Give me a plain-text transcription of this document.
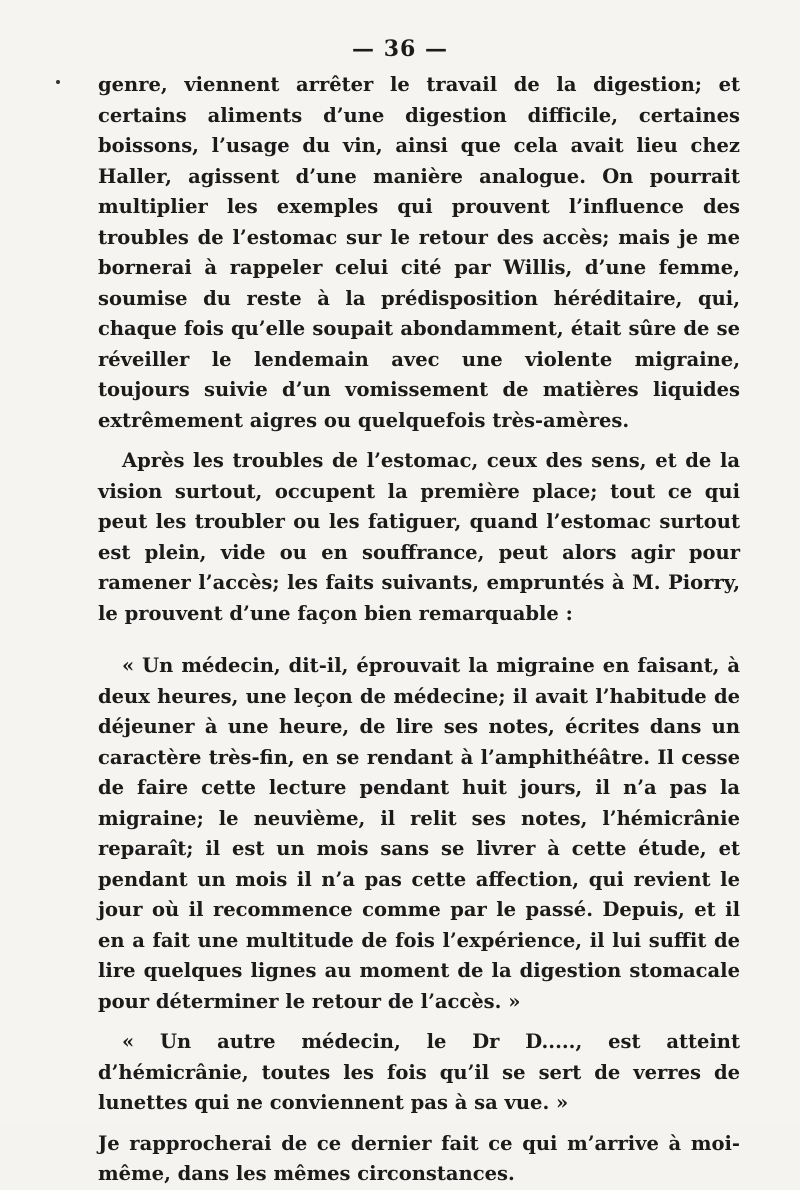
— 36 —

genre, viennent arrêter le travail de la digestion; et certains aliments d’une digestion difficile, certaines boissons, l’usage du vin, ainsi que cela avait lieu chez Haller, agissent d’une manière analogue. On pourrait multiplier les exemples qui prouvent l’influence des troubles de l’estomac sur le retour des accès; mais je me bornerai à rappeler celui cité par Willis, d’une femme, soumise du reste à la prédisposition héréditaire, qui, chaque fois qu’elle soupait abondamment, était sûre de se réveiller le lendemain avec une violente migraine, toujours suivie d’un vomissement de matières liquides extrêmement aigres ou quelquefois très-amères.

Après les troubles de l’estomac, ceux des sens, et de la vision surtout, occupent la première place; tout ce qui peut les troubler ou les fatiguer, quand l’estomac surtout est plein, vide ou en souffrance, peut alors agir pour ramener l’accès; les faits suivants, empruntés à M. Piorry, le prouvent d’une façon bien remarquable :

« Un médecin, dit-il, éprouvait la migraine en faisant, à deux heures, une leçon de médecine; il avait l’habitude de déjeuner à une heure, de lire ses notes, écrites dans un caractère très-fin, en se rendant à l’amphithéâtre. Il cesse de faire cette lecture pendant huit jours, il n’a pas la migraine; le neuvième, il relit ses notes, l’hémicrânie reparaît; il est un mois sans se livrer à cette étude, et pendant un mois il n’a pas cette affection, qui revient le jour où il recommence comme par le passé. Depuis, et il en a fait une multitude de fois l’expérience, il lui suffit de lire quelques lignes au moment de la digestion stomacale pour déterminer le retour de l’accès. »

« Un autre médecin, le Dr D....., est atteint d’hémicrânie, toutes les fois qu’il se sert de verres de lunettes qui ne conviennent pas à sa vue. »

Je rapprocherai de ce dernier fait ce qui m’arrive à moi-même, dans les mêmes circonstances.
